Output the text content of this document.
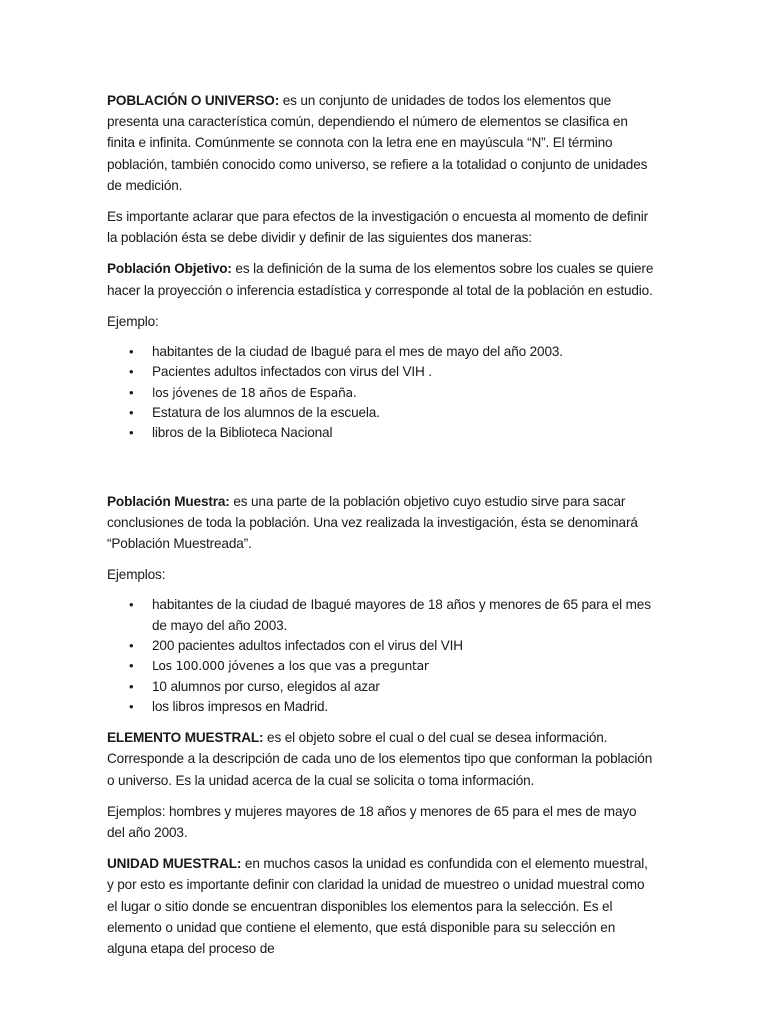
POBLACIÓN O UNIVERSO: es un conjunto de unidades de todos los elementos que presenta una característica común, dependiendo el número de elementos se clasifica en finita e infinita. Comúnmente se connota con la letra ene en mayúscula “N”. El término población, también conocido como universo, se refiere a la totalidad o conjunto de unidades de medición.

Es importante aclarar que para efectos de la investigación o encuesta al momento de definir la población ésta se debe dividir y definir de las siguientes dos maneras:

Población Objetivo: es la definición de la suma de los elementos sobre los cuales se quiere hacer la proyección o inferencia estadística y corresponde al total de la población en estudio.

Ejemplo:

• habitantes de la ciudad de Ibagué para el mes de mayo del año 2003.
• Pacientes adultos infectados con virus del VIH .
• los jóvenes de 18 años de España.
• Estatura de los alumnos de la escuela.
• libros de la Biblioteca Nacional

Población Muestra: es una parte de la población objetivo cuyo estudio sirve para sacar conclusiones de toda la población. Una vez realizada la investigación, ésta se denominará “Población Muestreada”.

Ejemplos:

• habitantes de la ciudad de Ibagué mayores de 18 años y menores de 65 para el mes de mayo del año 2003.
• 200 pacientes adultos infectados con el virus del VIH
• Los 100.000 jóvenes a los que vas a preguntar
• 10 alumnos por curso, elegidos al azar
• los libros impresos en Madrid.

ELEMENTO MUESTRAL: es el objeto sobre el cual o del cual se desea información. Corresponde a la descripción de cada uno de los elementos tipo que conforman la población o universo. Es la unidad acerca de la cual se solicita o toma información.

Ejemplos: hombres y mujeres mayores de 18 años y menores de 65 para el mes de mayo del año 2003.

UNIDAD MUESTRAL: en muchos casos la unidad es confundida con el elemento muestral, y por esto es importante definir con claridad la unidad de muestreo o unidad muestral como el lugar o sitio donde se encuentran disponibles los elementos para la selección. Es el elemento o unidad que contiene el elemento, que está disponible para su selección en alguna etapa del proceso de
